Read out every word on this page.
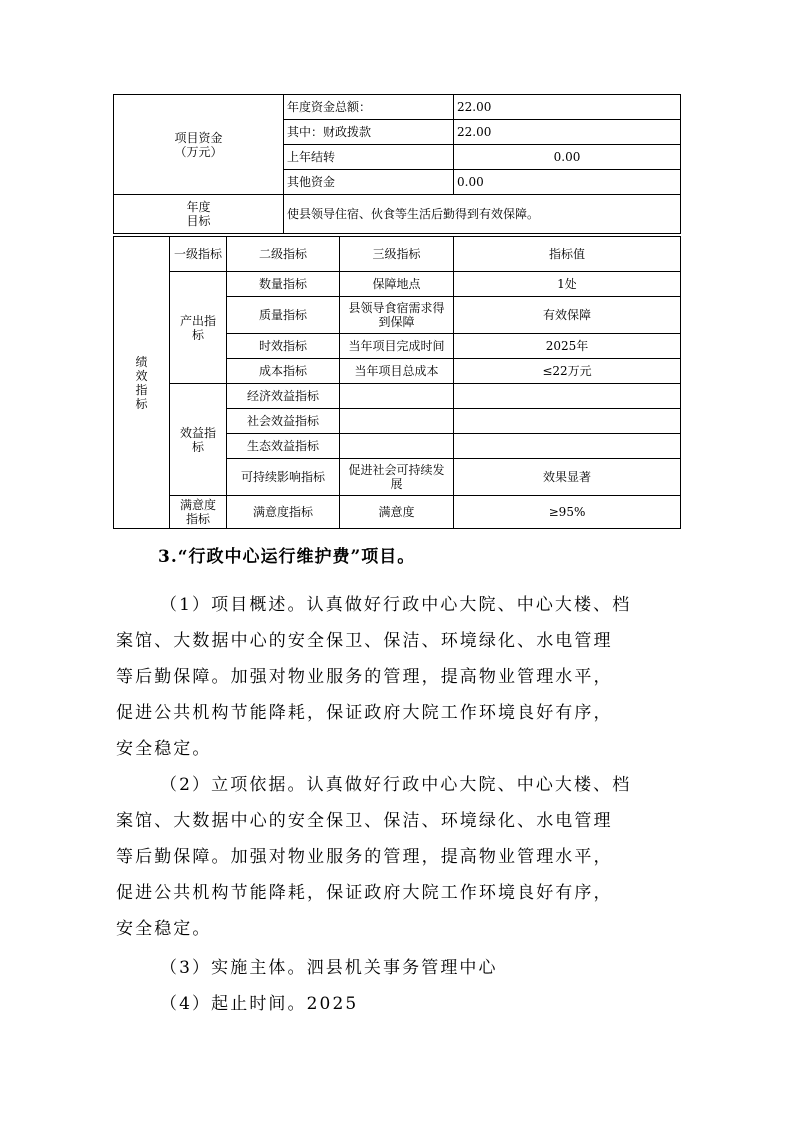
项目资金
（万元）	年度资金总额：	22.00
	其中：财政拨款	22.00
	上年结转	0.00
	其他资金	0.00
年度
目标	使县领导住宿、伙食等生活后勤得到有效保障。	
绩效指标	一级指标	二级指标	三级指标	指标值
	产出指标	数量指标	保障地点	1处
		质量指标	县领导食宿需求得到保障	有效保障
		时效指标	当年项目完成时间	2025年
		成本指标	当年项目总成本	≤22万元
	效益指标	经济效益指标		
		社会效益指标		
		生态效益指标		
		可持续影响指标	促进社会可持续发展	效果显著
	满意度指标	满意度指标	满意度	≥95%
3.“行政中心运行维护费”项目。

（1）项目概述。认真做好行政中心大院、中心大楼、档
案馆、大数据中心的安全保卫、保洁、环境绿化、水电管理
等后勤保障。加强对物业服务的管理，提高物业管理水平，
促进公共机构节能降耗，保证政府大院工作环境良好有序，
安全稳定。

（2）立项依据。认真做好行政中心大院、中心大楼、档
案馆、大数据中心的安全保卫、保洁、环境绿化、水电管理
等后勤保障。加强对物业服务的管理，提高物业管理水平，
促进公共机构节能降耗，保证政府大院工作环境良好有序，
安全稳定。

（3）实施主体。泗县机关事务管理中心

（4）起止时间。2025
